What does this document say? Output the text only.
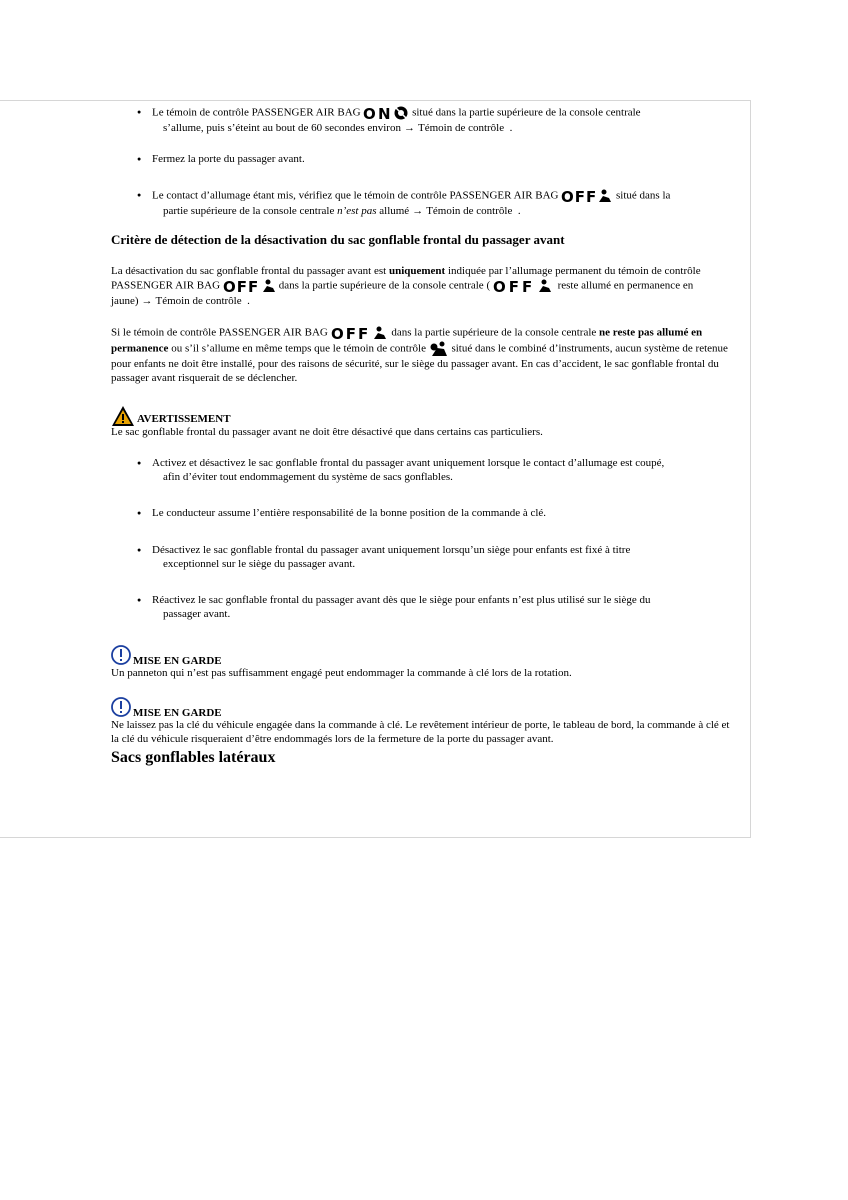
● Le témoin de contrôle PASSENGER AIR BAG O N situé dans la partie supérieure de la console centrale
s’allume, puis s’éteint au bout de 60 secondes environ → Témoin de contrôle .
● Fermez la porte du passager avant.
● Le contact d’allumage étant mis, vérifiez que le témoin de contrôle PASSENGER AIR BAG OFF situé dans la
partie supérieure de la console centrale n’est pas allumé → Témoin de contrôle .
Critère de détection de la désactivation du sac gonflable frontal du passager avant

La désactivation du sac gonflable frontal du passager avant est uniquement indiquée par l’allumage permanent du témoin de contrôle PASSENGER AIR BAG OFF dans la partie supérieure de la console centrale ( OFF reste allumé en permanence en jaune) → Témoin de contrôle .

Si le témoin de contrôle PASSENGER AIR BAG OFF dans la partie supérieure de la console centrale ne reste pas allumé en permanence ou s’il s’allume en même temps que le témoin de contrôle situé dans le combiné d’instruments, aucun système de retenue pour enfants ne doit être installé, pour des raisons de sécurité, sur le siège du passager avant. En cas d’accident, le sac gonflable frontal du passager avant risquerait de se déclencher.

AVERTISSEMENT
Le sac gonflable frontal du passager avant ne doit être désactivé que dans certains cas particuliers.
● Activez et désactivez le sac gonflable frontal du passager avant uniquement lorsque le contact d’allumage est coupé,
afin d’éviter tout endommagement du système de sacs gonflables.
● Le conducteur assume l’entière responsabilité de la bonne position de la commande à clé.
● Désactivez le sac gonflable frontal du passager avant uniquement lorsqu’un siège pour enfants est fixé à titre
exceptionnel sur le siège du passager avant.
● Réactivez le sac gonflable frontal du passager avant dès que le siège pour enfants n’est plus utilisé sur le siège du
passager avant.
MISE EN GARDE
Un panneton qui n’est pas suffisamment engagé peut endommager la commande à clé lors de la rotation.
MISE EN GARDE
Ne laissez pas la clé du véhicule engagée dans la commande à clé. Le revêtement intérieur de porte, le tableau de bord, la commande à clé et la clé du véhicule risqueraient d’être endommagés lors de la fermeture de la porte du passager avant.
Sacs gonflables latéraux
